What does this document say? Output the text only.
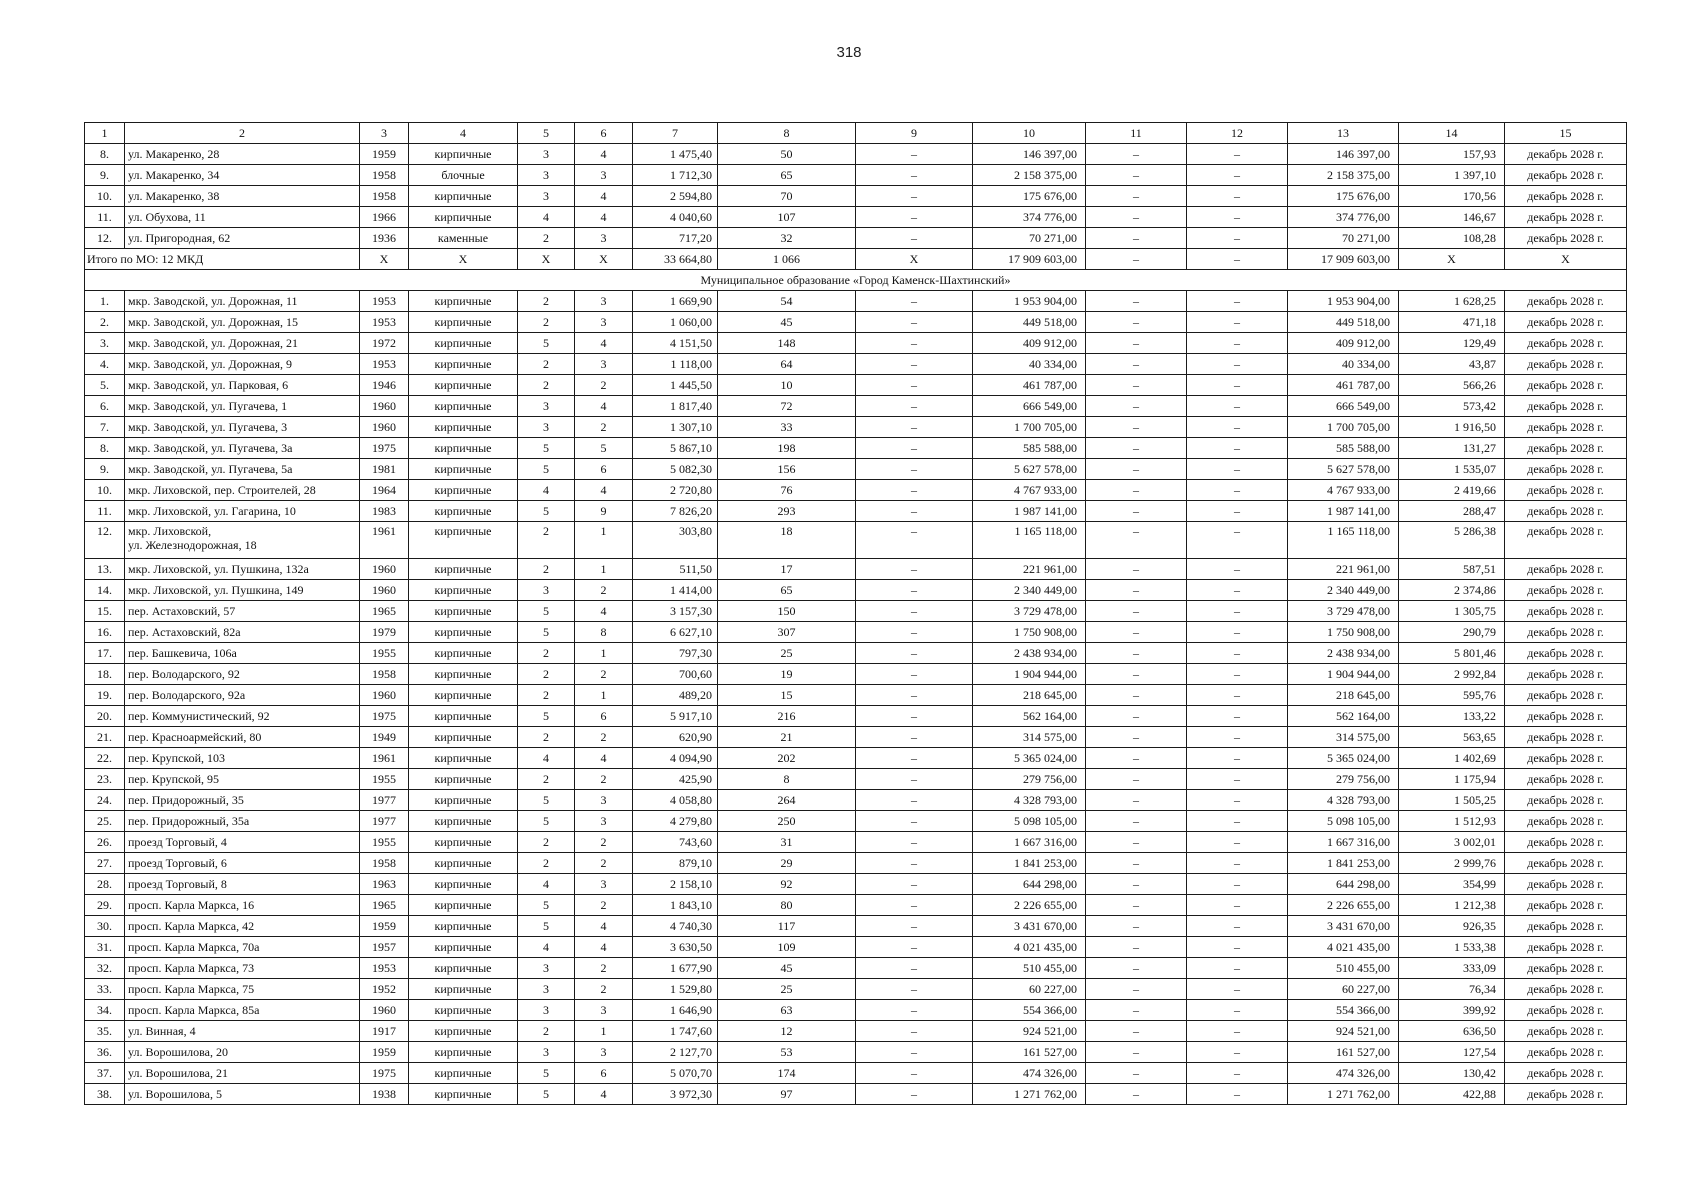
318
1	2	3	4	5	6	7	8	9	10	11	12	13	14	15
8.	ул. Макаренко, 28	1959	кирпичные	3	4	1 475,40	50	–	146 397,00	–	–	146 397,00	157,93	декабрь 2028 г.
9.	ул. Макаренко, 34	1958	блочные	3	3	1 712,30	65	–	2 158 375,00	–	–	2 158 375,00	1 397,10	декабрь 2028 г.
10.	ул. Макаренко, 38	1958	кирпичные	3	4	2 594,80	70	–	175 676,00	–	–	175 676,00	170,56	декабрь 2028 г.
11.	ул. Обухова, 11	1966	кирпичные	4	4	4 040,60	107	–	374 776,00	–	–	374 776,00	146,67	декабрь 2028 г.
12.	ул. Пригородная, 62	1936	каменные	2	3	717,20	32	–	70 271,00	–	–	70 271,00	108,28	декабрь 2028 г.
Итого по МО: 12 МКД		X	X	X	X	33 664,80	1 066	X	17 909 603,00	–	–	17 909 603,00	X	X
Муниципальное образование «Город Каменск-Шахтинский»														
1.	мкр. Заводской, ул. Дорожная, 11	1953	кирпичные	2	3	1 669,90	54	–	1 953 904,00	–	–	1 953 904,00	1 628,25	декабрь 2028 г.
2.	мкр. Заводской, ул. Дорожная, 15	1953	кирпичные	2	3	1 060,00	45	–	449 518,00	–	–	449 518,00	471,18	декабрь 2028 г.
3.	мкр. Заводской, ул. Дорожная, 21	1972	кирпичные	5	4	4 151,50	148	–	409 912,00	–	–	409 912,00	129,49	декабрь 2028 г.
4.	мкр. Заводской, ул. Дорожная, 9	1953	кирпичные	2	3	1 118,00	64	–	40 334,00	–	–	40 334,00	43,87	декабрь 2028 г.
5.	мкр. Заводской, ул. Парковая, 6	1946	кирпичные	2	2	1 445,50	10	–	461 787,00	–	–	461 787,00	566,26	декабрь 2028 г.
6.	мкр. Заводской, ул. Пугачева, 1	1960	кирпичные	3	4	1 817,40	72	–	666 549,00	–	–	666 549,00	573,42	декабрь 2028 г.
7.	мкр. Заводской, ул. Пугачева, 3	1960	кирпичные	3	2	1 307,10	33	–	1 700 705,00	–	–	1 700 705,00	1 916,50	декабрь 2028 г.
8.	мкр. Заводской, ул. Пугачева, 3а	1975	кирпичные	5	5	5 867,10	198	–	585 588,00	–	–	585 588,00	131,27	декабрь 2028 г.
9.	мкр. Заводской, ул. Пугачева, 5а	1981	кирпичные	5	6	5 082,30	156	–	5 627 578,00	–	–	5 627 578,00	1 535,07	декабрь 2028 г.
10.	мкр. Лиховской, пер. Строителей, 28	1964	кирпичные	4	4	2 720,80	76	–	4 767 933,00	–	–	4 767 933,00	2 419,66	декабрь 2028 г.
11.	мкр. Лиховской, ул. Гагарина, 10	1983	кирпичные	5	9	7 826,20	293	–	1 987 141,00	–	–	1 987 141,00	288,47	декабрь 2028 г.
12.	мкр. Лиховской,
ул. Железнодорожная, 18	1961	кирпичные	2	1	303,80	18	–	1 165 118,00	–	–	1 165 118,00	5 286,38	декабрь 2028 г.
13.	мкр. Лиховской, ул. Пушкина, 132а	1960	кирпичные	2	1	511,50	17	–	221 961,00	–	–	221 961,00	587,51	декабрь 2028 г.
14.	мкр. Лиховской, ул. Пушкина, 149	1960	кирпичные	3	2	1 414,00	65	–	2 340 449,00	–	–	2 340 449,00	2 374,86	декабрь 2028 г.
15.	пер. Астаховский, 57	1965	кирпичные	5	4	3 157,30	150	–	3 729 478,00	–	–	3 729 478,00	1 305,75	декабрь 2028 г.
16.	пер. Астаховский, 82а	1979	кирпичные	5	8	6 627,10	307	–	1 750 908,00	–	–	1 750 908,00	290,79	декабрь 2028 г.
17.	пер. Башкевича, 106а	1955	кирпичные	2	1	797,30	25	–	2 438 934,00	–	–	2 438 934,00	5 801,46	декабрь 2028 г.
18.	пер. Володарского, 92	1958	кирпичные	2	2	700,60	19	–	1 904 944,00	–	–	1 904 944,00	2 992,84	декабрь 2028 г.
19.	пер. Володарского, 92а	1960	кирпичные	2	1	489,20	15	–	218 645,00	–	–	218 645,00	595,76	декабрь 2028 г.
20.	пер. Коммунистический, 92	1975	кирпичные	5	6	5 917,10	216	–	562 164,00	–	–	562 164,00	133,22	декабрь 2028 г.
21.	пер. Красноармейский, 80	1949	кирпичные	2	2	620,90	21	–	314 575,00	–	–	314 575,00	563,65	декабрь 2028 г.
22.	пер. Крупской, 103	1961	кирпичные	4	4	4 094,90	202	–	5 365 024,00	–	–	5 365 024,00	1 402,69	декабрь 2028 г.
23.	пер. Крупской, 95	1955	кирпичные	2	2	425,90	8	–	279 756,00	–	–	279 756,00	1 175,94	декабрь 2028 г.
24.	пер. Придорожный, 35	1977	кирпичные	5	3	4 058,80	264	–	4 328 793,00	–	–	4 328 793,00	1 505,25	декабрь 2028 г.
25.	пер. Придорожный, 35а	1977	кирпичные	5	3	4 279,80	250	–	5 098 105,00	–	–	5 098 105,00	1 512,93	декабрь 2028 г.
26.	проезд Торговый, 4	1955	кирпичные	2	2	743,60	31	–	1 667 316,00	–	–	1 667 316,00	3 002,01	декабрь 2028 г.
27.	проезд Торговый, 6	1958	кирпичные	2	2	879,10	29	–	1 841 253,00	–	–	1 841 253,00	2 999,76	декабрь 2028 г.
28.	проезд Торговый, 8	1963	кирпичные	4	3	2 158,10	92	–	644 298,00	–	–	644 298,00	354,99	декабрь 2028 г.
29.	просп. Карла Маркса, 16	1965	кирпичные	5	2	1 843,10	80	–	2 226 655,00	–	–	2 226 655,00	1 212,38	декабрь 2028 г.
30.	просп. Карла Маркса, 42	1959	кирпичные	5	4	4 740,30	117	–	3 431 670,00	–	–	3 431 670,00	926,35	декабрь 2028 г.
31.	просп. Карла Маркса, 70а	1957	кирпичные	4	4	3 630,50	109	–	4 021 435,00	–	–	4 021 435,00	1 533,38	декабрь 2028 г.
32.	просп. Карла Маркса, 73	1953	кирпичные	3	2	1 677,90	45	–	510 455,00	–	–	510 455,00	333,09	декабрь 2028 г.
33.	просп. Карла Маркса, 75	1952	кирпичные	3	2	1 529,80	25	–	60 227,00	–	–	60 227,00	76,34	декабрь 2028 г.
34.	просп. Карла Маркса, 85а	1960	кирпичные	3	3	1 646,90	63	–	554 366,00	–	–	554 366,00	399,92	декабрь 2028 г.
35.	ул. Винная, 4	1917	кирпичные	2	1	1 747,60	12	–	924 521,00	–	–	924 521,00	636,50	декабрь 2028 г.
36.	ул. Ворошилова, 20	1959	кирпичные	3	3	2 127,70	53	–	161 527,00	–	–	161 527,00	127,54	декабрь 2028 г.
37.	ул. Ворошилова, 21	1975	кирпичные	5	6	5 070,70	174	–	474 326,00	–	–	474 326,00	130,42	декабрь 2028 г.
38.	ул. Ворошилова, 5	1938	кирпичные	5	4	3 972,30	97	–	1 271 762,00	–	–	1 271 762,00	422,88	декабрь 2028 г.
